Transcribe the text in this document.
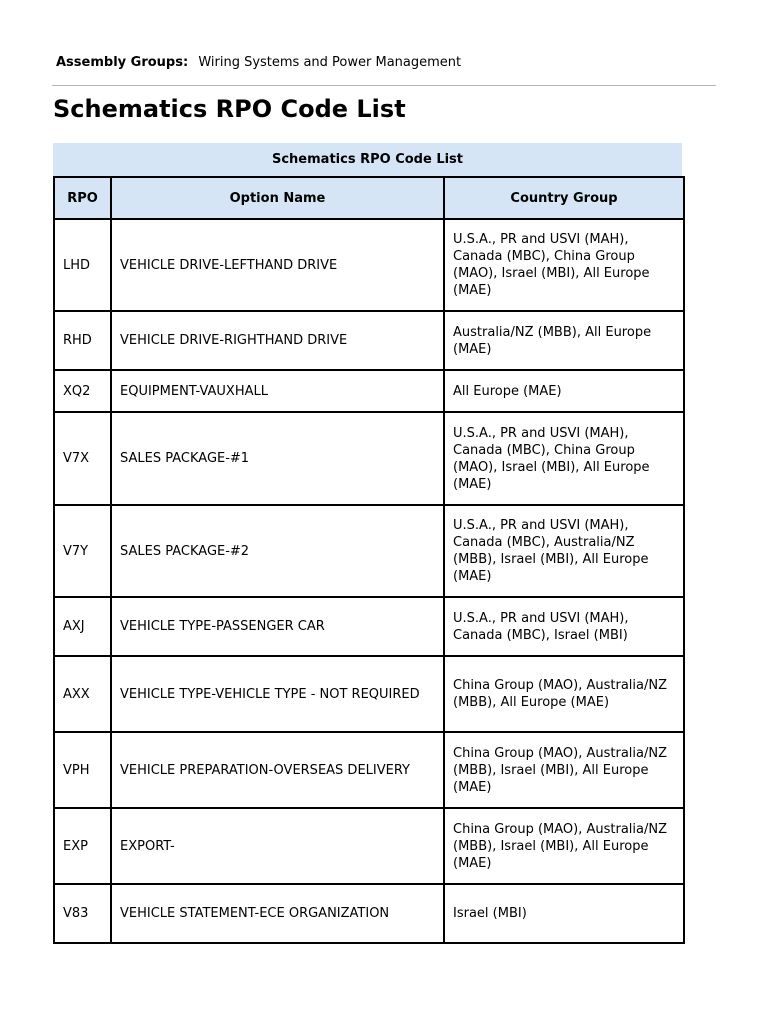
Assembly Groups: Wiring Systems and Power Management
Schematics RPO Code List
Schematics RPO Code List
RPO	Option Name	Country Group
LHD	VEHICLE DRIVE-LEFTHAND DRIVE	U.S.A., PR and USVI (MAH), Canada (MBC), China Group (MAO), Israel (MBI), All Europe (MAE)
RHD	VEHICLE DRIVE-RIGHTHAND DRIVE	Australia/NZ (MBB), All Europe (MAE)
XQ2	EQUIPMENT-VAUXHALL	All Europe (MAE)
V7X	SALES PACKAGE-#1	U.S.A., PR and USVI (MAH), Canada (MBC), China Group (MAO), Israel (MBI), All Europe (MAE)
V7Y	SALES PACKAGE-#2	U.S.A., PR and USVI (MAH), Canada (MBC), Australia/NZ (MBB), Israel (MBI), All Europe (MAE)
AXJ	VEHICLE TYPE-PASSENGER CAR	U.S.A., PR and USVI (MAH), Canada (MBC), Israel (MBI)
AXX	VEHICLE TYPE-VEHICLE TYPE - NOT REQUIRED	China Group (MAO), Australia/NZ (MBB), All Europe (MAE)
VPH	VEHICLE PREPARATION-OVERSEAS DELIVERY	China Group (MAO), Australia/NZ (MBB), Israel (MBI), All Europe (MAE)
EXP	EXPORT-	China Group (MAO), Australia/NZ (MBB), Israel (MBI), All Europe (MAE)
V83	VEHICLE STATEMENT-ECE ORGANIZATION	Israel (MBI)
